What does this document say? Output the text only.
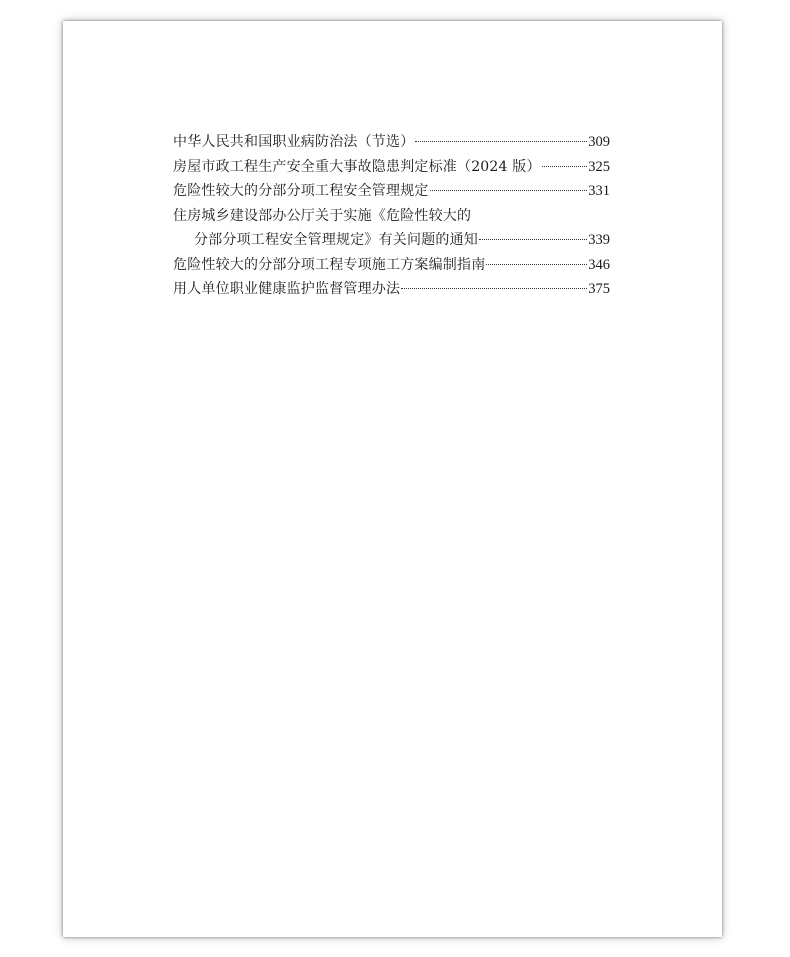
中华人民共和国职业病防治法（节选）	309
房屋市政工程生产安全重大事故隐患判定标准（2024 版）	325
危险性较大的分部分项工程安全管理规定	331
住房城乡建设部办公厅关于实施《危险性较大的
分部分项工程安全管理规定》有关问题的通知	339
危险性较大的分部分项工程专项施工方案编制指南	346
用人单位职业健康监护监督管理办法	375
